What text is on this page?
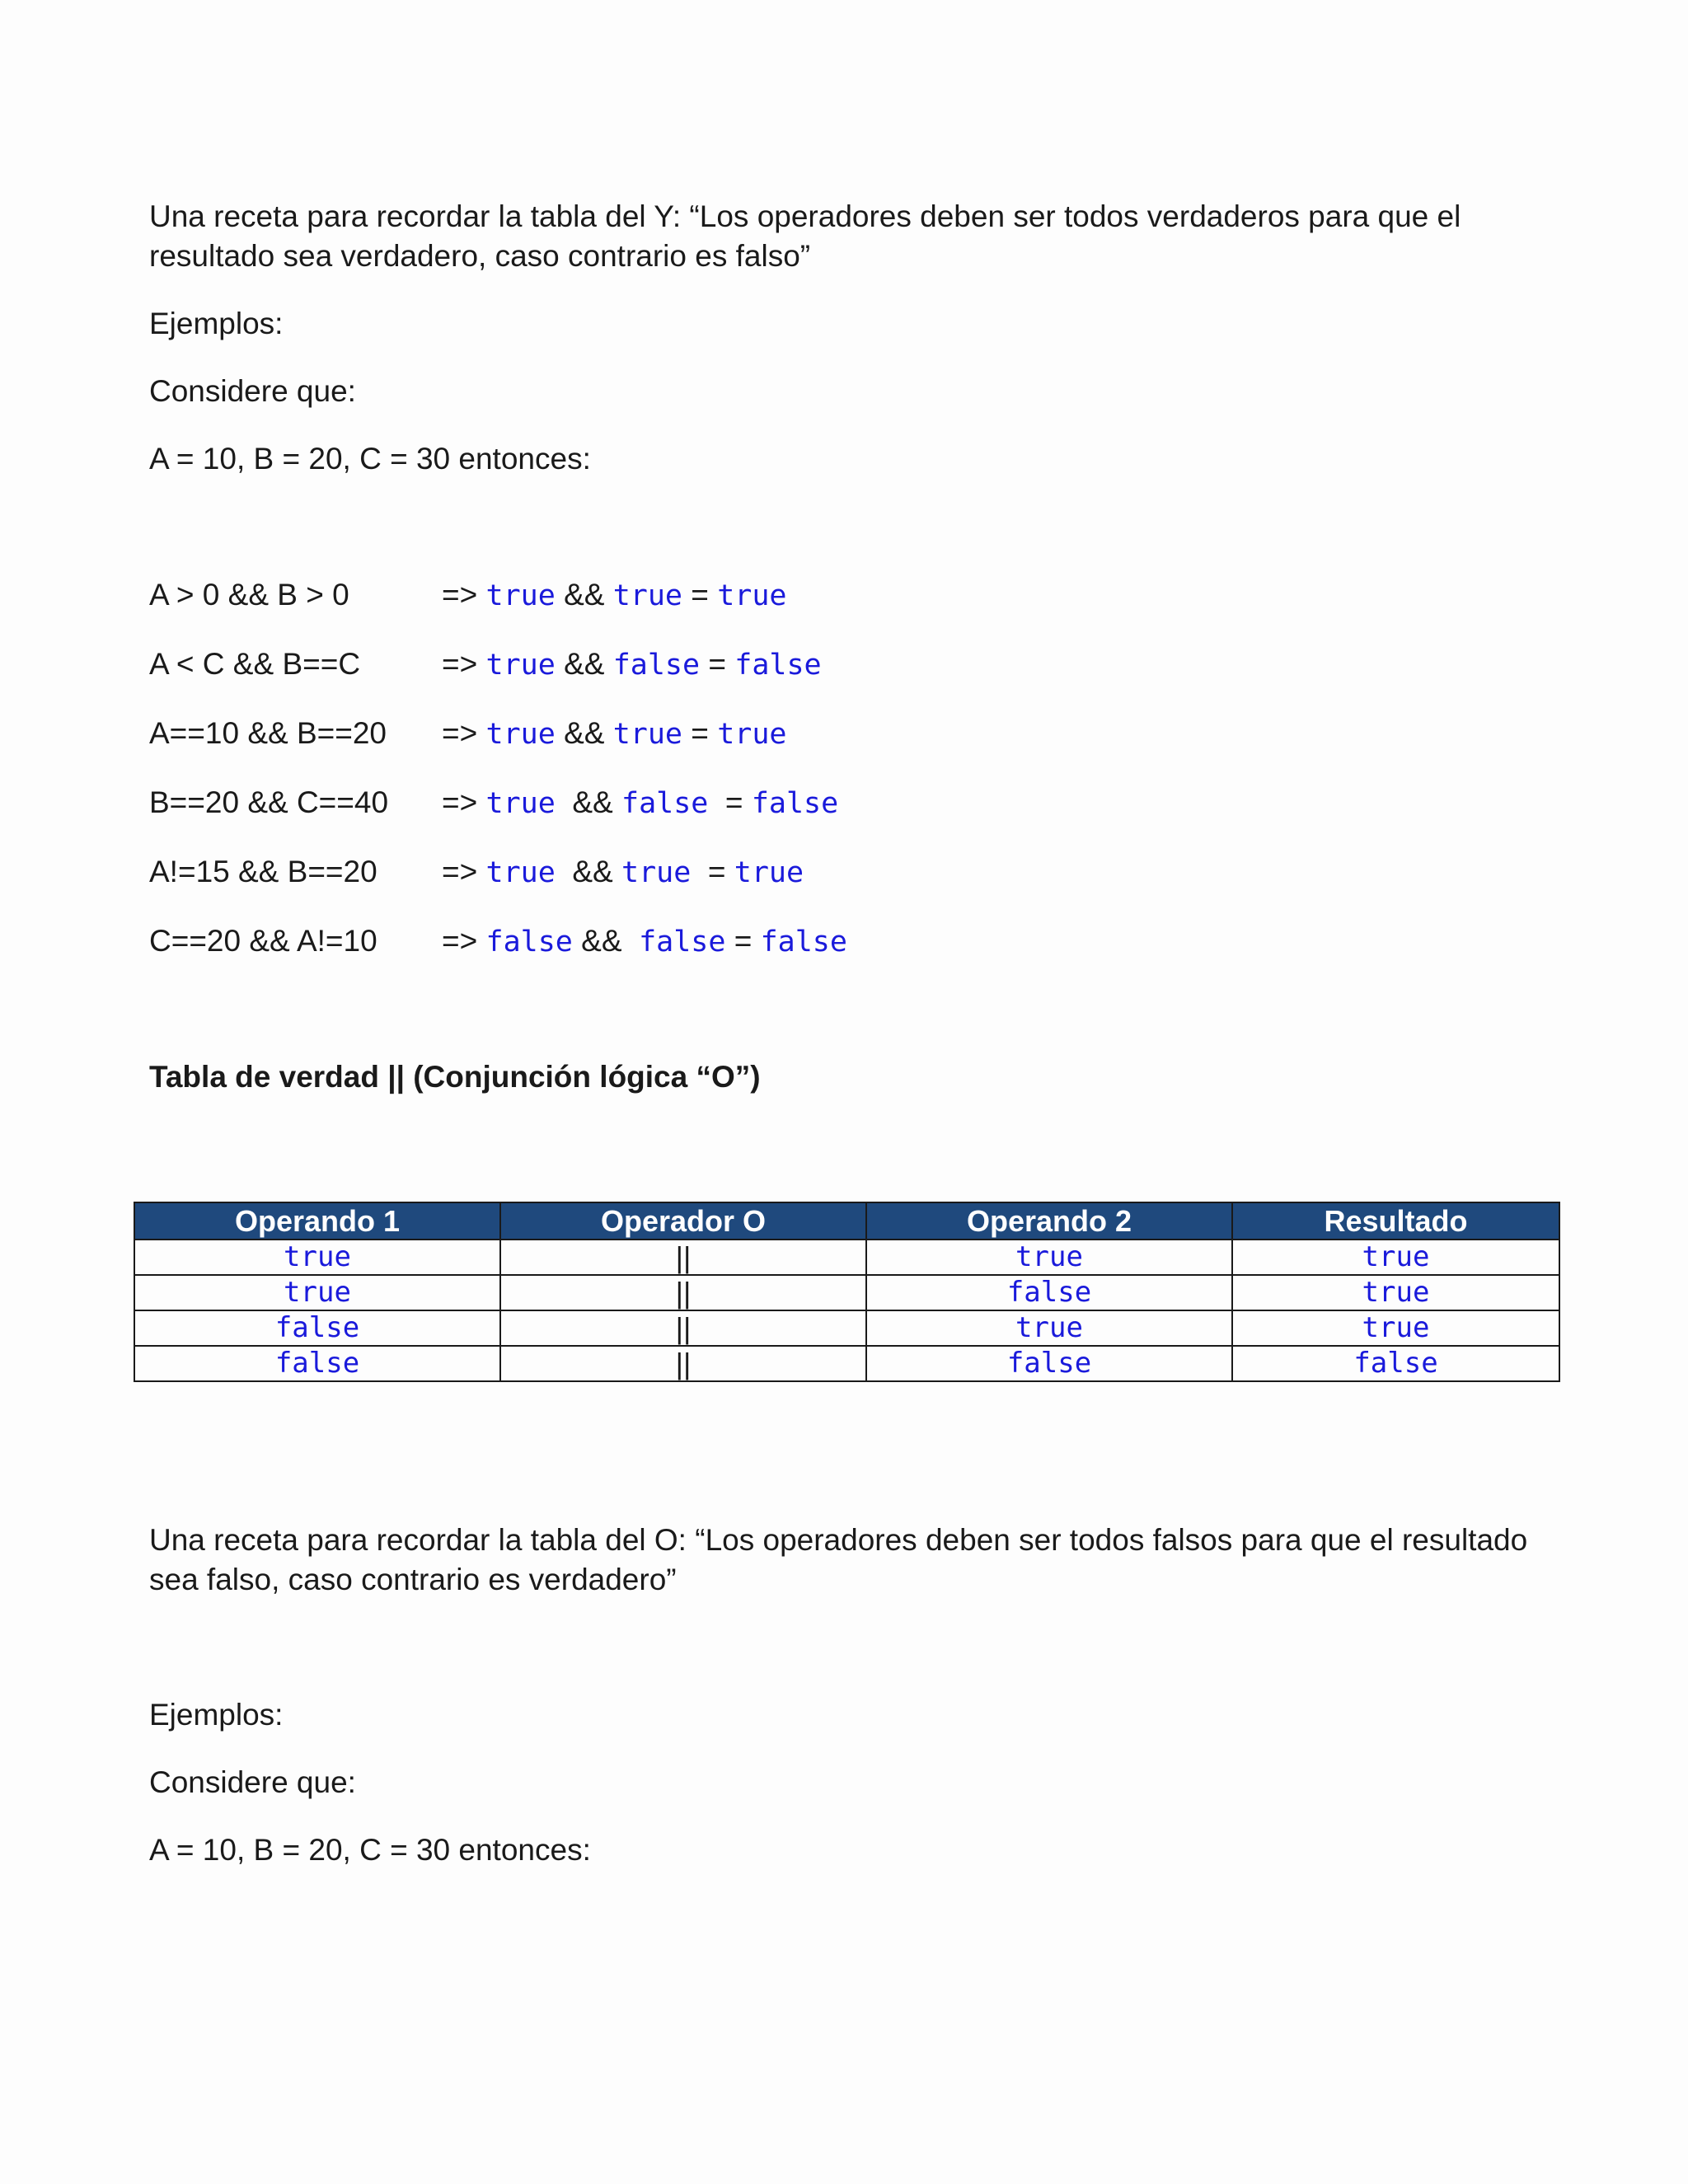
Una receta para recordar la tabla del Y: “Los operadores deben ser todos verdaderos para que el

resultado sea verdadero, caso contrario es falso”

Ejemplos:

Considere que:

A = 10, B = 20, C = 30 entonces:

A > 0 && B > 0	=> true && true = true
A < C && B==C	=> true && false = false
A==10 && B==20 => true && true = true
B==20 && C==40 => true  && false  = false
A!=15 && B==20 => true  && true  = true
C==20 && A!=10 => false &&  false = false

Tabla de verdad || (Conjunción lógica “O”)

Operando 1	Operador O	Operando 2	Resultado
true	||	true	true
true	||	false	true
false	||	true	true
false	||	false	false

Una receta para recordar la tabla del O: “Los operadores deben ser todos falsos para que el resultado

sea falso, caso contrario es verdadero”

Ejemplos:

Considere que:

A = 10, B = 20, C = 30 entonces:
